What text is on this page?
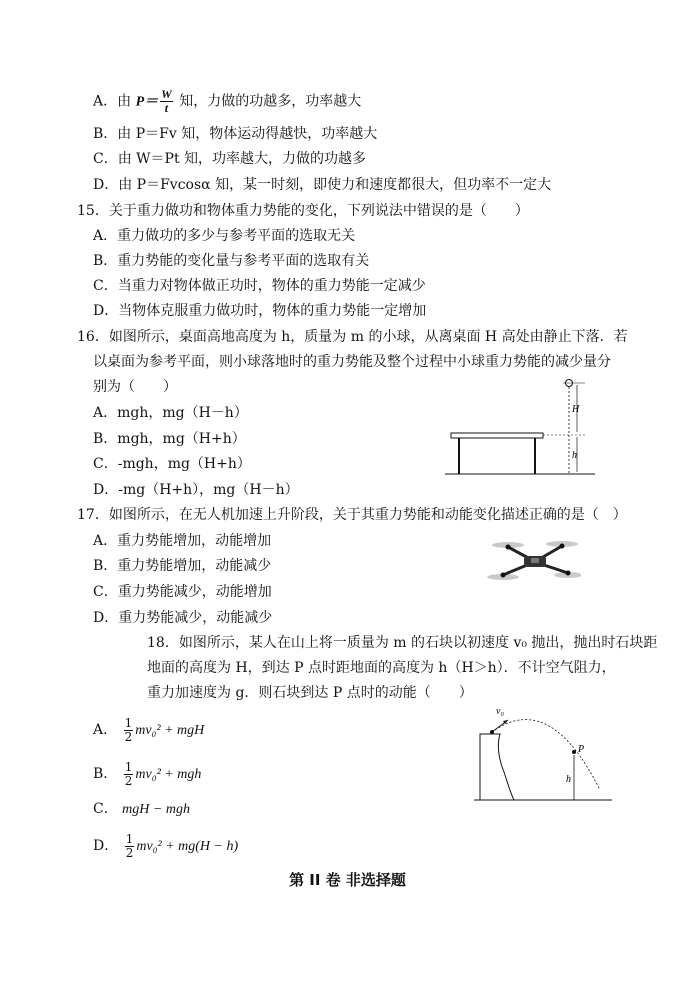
A．由 $P= \frac{W}{t}$ 知，力做的功越多，功率越大
B．由 P＝Fv 知，物体运动得越快，功率越大
C．由 W＝Pt 知，功率越大，力做的功越多
D．由 P＝Fvcosα 知，某一时刻，即使力和速度都很大，但功率不一定大
15．关于重力做功和物体重力势能的变化，下列说法中错误的是（　　）
A．重力做功的多少与参考平面的选取无关
B．重力势能的变化量与参考平面的选取有关
C．当重力对物体做正功时，物体的重力势能一定减少
D．当物体克服重力做功时，物体的重力势能一定增加
16．如图所示，桌面高地高度为 h，质量为 m 的小球，从离桌面 H 高处由静止下落．若
以桌面为参考平面，则小球落地时的重力势能及整个过程中小球重力势能的减少量分
别为（　　）
A．mgh，mg（H－h）
B．mgh，mg（H+h）
C．-mgh，mg（H+h）
D．-mg（H+h），mg（H－h）
H
h
17．如图所示，在无人机加速上升阶段，关于其重力势能和动能变化描述正确的是（　）
A．重力势能增加，动能增加
B．重力势能增加，动能减少
C．重力势能减少，动能增加
D．重力势能减少，动能减少
18．如图所示，某人在山上将一质量为 m 的石块以初速度 v₀ 抛出，抛出时石块距
地面的高度为 H，到达 P 点时距地面的高度为 h（H＞h）．不计空气阻力，
重力加速度为 g．则石块到达 P 点时的动能（　　）
A． $\frac{1}{2} mv_0^2$ + mgH
B． $\frac{1}{2} mv_0^2$ + mgh
C． mgH − mgh
D． $\frac{1}{2} mv_0^2 + mg(H - h)$
v₀
P
h
第 II 卷 非选择题
